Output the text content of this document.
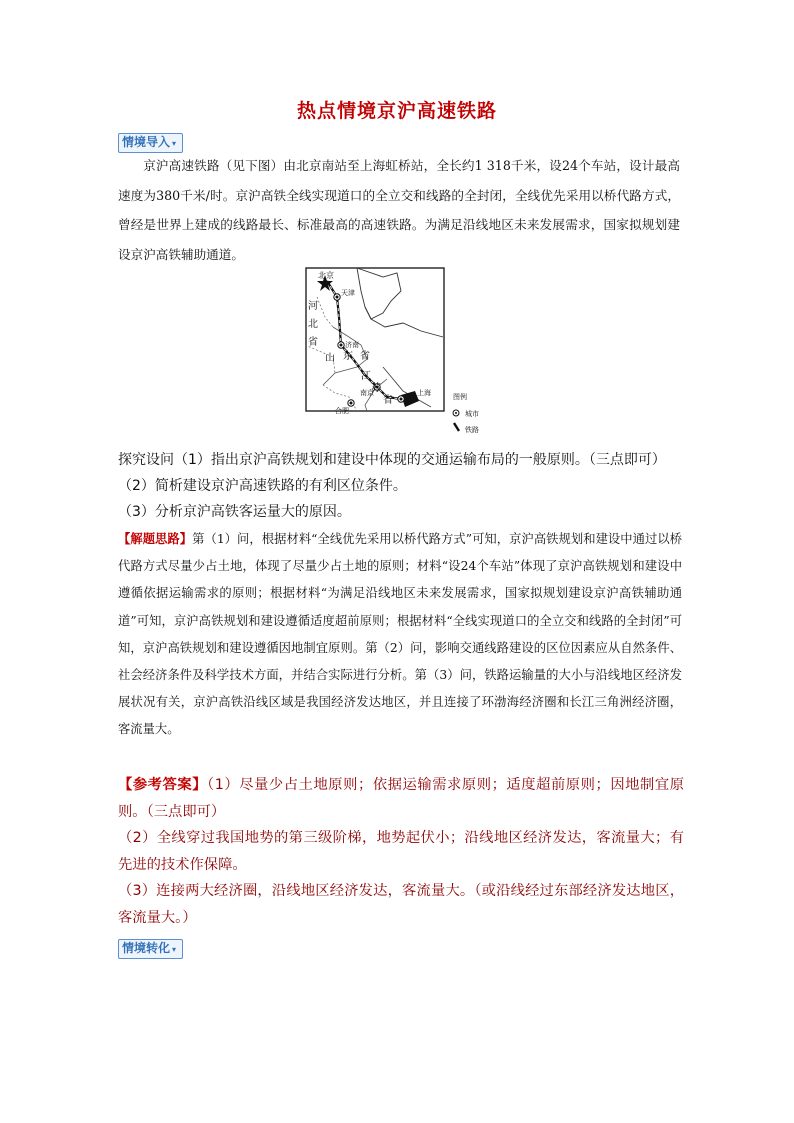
热点情境京沪高速铁路
情境导入 ▾

京沪高速铁路（见下图）由北京南站至上海虹桥站，全长约1 318千米，设24个车站，设计最高速度为380千米/时。京沪高铁全线实现道口的全立交和线路的全封闭，全线优先采用以桥代路方式，曾经是世界上建成的线路最长、标准最高的高速铁路。为满足沿线地区未来发展需求，国家拟规划建设京沪高铁辅助通道。

北京
天津
河
北
省	济南
山 东 省
江
苏
省
南京
合肥
上海	图例
城市
铁路
探究设问（1）指出京沪高铁规划和建设中体现的交通运输布局的一般原则。（三点即可）
（2）简析建设京沪高速铁路的有利区位条件。
（3）分析京沪高铁客运量大的原因。
【解题思路】第（1）问，根据材料“全线优先采用以桥代路方式”可知，京沪高铁规划和建设中通过以桥代路方式尽量少占土地，体现了尽量少占土地的原则；材料“设24个车站”体现了京沪高铁规划和建设中遵循依据运输需求的原则；根据材料“为满足沿线地区未来发展需求，国家拟规划建设京沪高铁辅助通道”可知，京沪高铁规划和建设遵循适度超前原则；根据材料“全线实现道口的全立交和线路的全封闭”可知，京沪高铁规划和建设遵循因地制宜原则。第（2）问，影响交通线路建设的区位因素应从自然条件、社会经济条件及科学技术方面，并结合实际进行分析。第（3）问，铁路运输量的大小与沿线地区经济发展状况有关，京沪高铁沿线区域是我国经济发达地区，并且连接了环渤海经济圈和长江三角洲经济圈，客流量大。
【参考答案】（1）尽量少占土地原则；依据运输需求原则；适度超前原则；因地制宜原则。（三点即可）
（2）全线穿过我国地势的第三级阶梯，地势起伏小；沿线地区经济发达，客流量大；有先进的技术作保障。
（3）连接两大经济圈，沿线地区经济发达，客流量大。（或沿线经过东部经济发达地区，客流量大。）
情境转化 ▾
